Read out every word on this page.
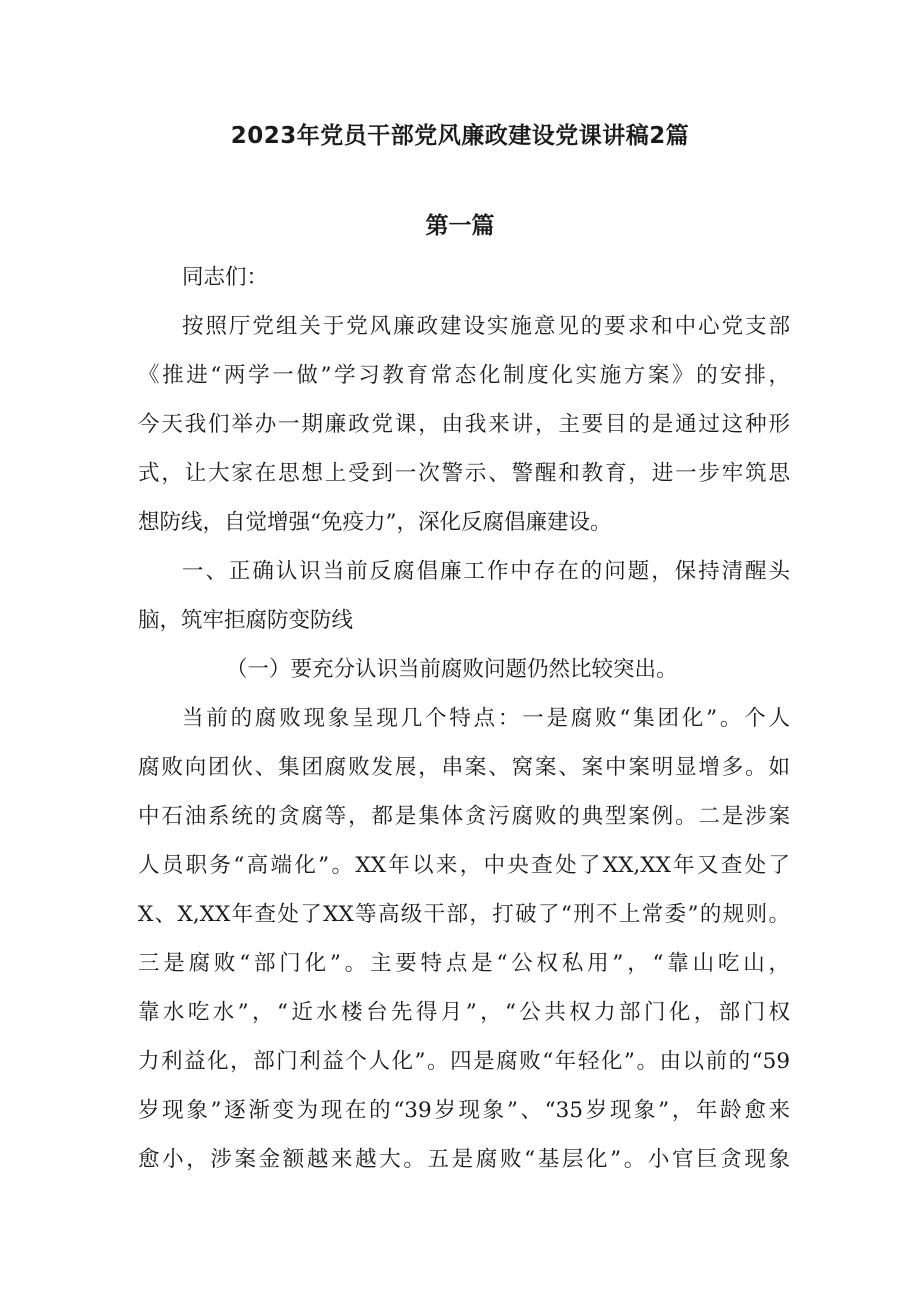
2023年党员干部党风廉政建设党课讲稿2篇
第一篇

同志们：

按照厅党组关于党风廉政建设实施意见的要求和中心党支部

《推进“两学一做”学习教育常态化制度化实施方案》的安排，

今天我们举办一期廉政党课，由我来讲，主要目的是通过这种形

式，让大家在思想上受到一次警示、警醒和教育，进一步牢筑思

想防线，自觉增强“免疫力”，深化反腐倡廉建设。

一、正确认识当前反腐倡廉工作中存在的问题，保持清醒头

脑，筑牢拒腐防变防线

（一）要充分认识当前腐败问题仍然比较突出。

当前的腐败现象呈现几个特点：一是腐败“集团化”。个人

腐败向团伙、集团腐败发展，串案、窝案、案中案明显增多。如

中石油系统的贪腐等，都是集体贪污腐败的典型案例。二是涉案

人员职务“高端化”。XX年以来，中央查处了XX,XX年又查处了

X、X,XX年查处了XX等高级干部，打破了“刑不上常委”的规则。

三是腐败“部门化”。主要特点是“公权私用”，“靠山吃山，

靠水吃水”，“近水楼台先得月”，“公共权力部门化，部门权

力利益化，部门利益个人化”。四是腐败“年轻化”。由以前的“59

岁现象”逐渐变为现在的“39岁现象”、“35岁现象”，年龄愈来

愈小，涉案金额越来越大。五是腐败“基层化”。小官巨贪现象
